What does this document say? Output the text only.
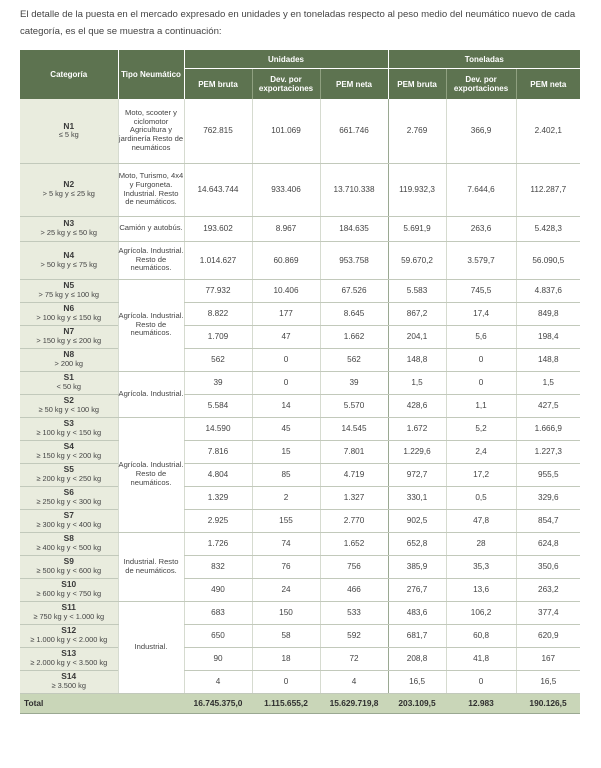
El detalle de la puesta en el mercado expresado en unidades y en toneladas respecto al peso medio del neumático nuevo de cada categoría, es el que se muestra a continuación:
Categoría	Tipo Neumático	Unidades			Toneladas		
		PEM bruta	Dev. por exportaciones	PEM neta	PEM bruta	Dev. por exportaciones	PEM neta
N1
≤ 5 kg	Moto, scooter y ciclomotor Agricultura y jardinería Resto de neumáticos	762.815	101.069	661.746	2.769	366,9	2.402,1
N2
> 5 kg y ≤ 25 kg	Moto, Turismo, 4x4 y Furgoneta. Industrial. Resto de neumáticos.	14.643.744	933.406	13.710.338	119.932,3	7.644,6	112.287,7
N3
> 25 kg y ≤ 50 kg	Camión y autobús.	193.602	8.967	184.635	5.691,9	263,6	5.428,3
N4
> 50 kg y ≤ 75 kg	Agrícola. Industrial. Resto de neumáticos.	1.014.627	60.869	953.758	59.670,2	3.579,7	56.090,5
N5
> 75 kg y ≤ 100 kg	Agrícola. Industrial. Resto de neumáticos.	77.932	10.406	67.526	5.583	745,5	4.837,6
N6
> 100 kg y ≤ 150 kg		8.822	177	8.645	867,2	17,4	849,8
N7
> 150 kg y ≤ 200 kg		1.709	47	1.662	204,1	5,6	198,4
N8
> 200 kg		562	0	562	148,8	0	148,8
S1
< 50 kg	Agrícola. Industrial.	39	0	39	1,5	0	1,5
S2
≥ 50 kg y < 100 kg		5.584	14	5.570	428,6	1,1	427,5
S3
≥ 100 kg y < 150 kg	Agrícola. Industrial. Resto de neumáticos.	14.590	45	14.545	1.672	5,2	1.666,9
S4
≥ 150 kg y < 200 kg		7.816	15	7.801	1.229,6	2,4	1.227,3
S5
≥ 200 kg y < 250 kg		4.804	85	4.719	972,7	17,2	955,5
S6
≥ 250 kg y < 300 kg		1.329	2	1.327	330,1	0,5	329,6
S7
≥ 300 kg y < 400 kg		2.925	155	2.770	902,5	47,8	854,7
S8
≥ 400 kg y < 500 kg	Industrial. Resto de neumáticos.	1.726	74	1.652	652,8	28	624,8
S9
≥ 500 kg y < 600 kg		832	76	756	385,9	35,3	350,6
S10
≥ 600 kg y < 750 kg		490	24	466	276,7	13,6	263,2
S11
≥ 750 kg y < 1.000 kg	Industrial.	683	150	533	483,6	106,2	377,4
S12
≥ 1.000 kg y < 2.000 kg		650	58	592	681,7	60,8	620,9
S13
≥ 2.000 kg y < 3.500 kg		90	18	72	208,8	41,8	167
S14
≥ 3.500 kg		4	0	4	16,5	0	16,5
Total		16.745.375,0	1.115.655,2	15.629.719,8	203.109,5	12.983	190.126,5
